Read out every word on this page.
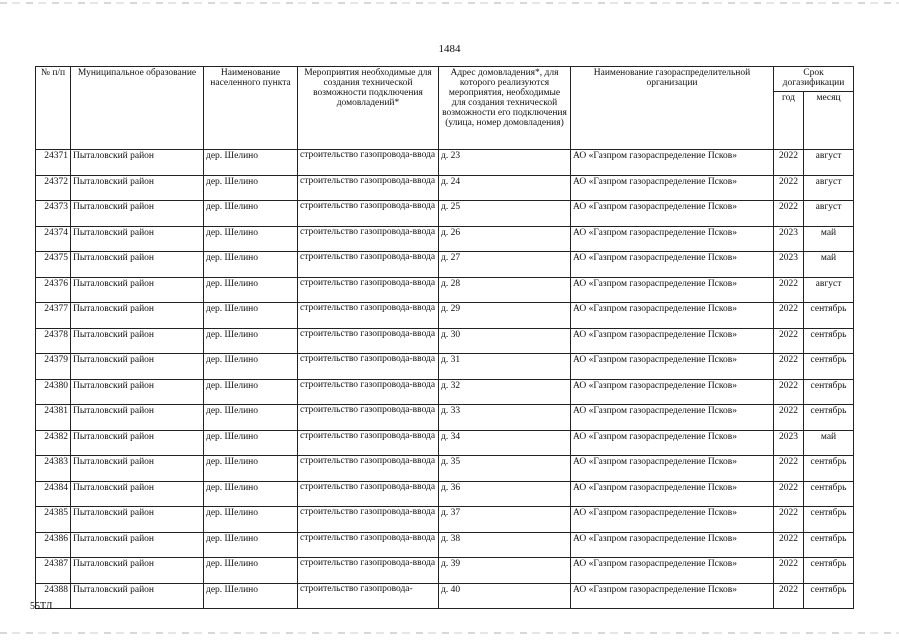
1484
№ п/п	Муниципальное образование	Наименование населенного пункта	Мероприятия необходимые для создания технической возможности подключения домовладений*	Адрес домовладения*, для которого реализуются мероприятия, необходимые для создания технической возможности его подключения (улица, номер домовладения)	Наименование газораспределительной организации	Срок догазификации	
						год	месяц
24371	Пыталовский район	дер. Шелино	строительство газопровода-ввода	д. 23	АО «Газпром газораспределение Псков»	2022	август
24372	Пыталовский район	дер. Шелино	строительство газопровода-ввода	д. 24	АО «Газпром газораспределение Псков»	2022	август
24373	Пыталовский район	дер. Шелино	строительство газопровода-ввода	д. 25	АО «Газпром газораспределение Псков»	2022	август
24374	Пыталовский район	дер. Шелино	строительство газопровода-ввода	д. 26	АО «Газпром газораспределение Псков»	2023	май
24375	Пыталовский район	дер. Шелино	строительство газопровода-ввода	д. 27	АО «Газпром газораспределение Псков»	2023	май
24376	Пыталовский район	дер. Шелино	строительство газопровода-ввода	д. 28	АО «Газпром газораспределение Псков»	2022	август
24377	Пыталовский район	дер. Шелино	строительство газопровода-ввода	д. 29	АО «Газпром газораспределение Псков»	2022	сентябрь
24378	Пыталовский район	дер. Шелино	строительство газопровода-ввода	д. 30	АО «Газпром газораспределение Псков»	2022	сентябрь
24379	Пыталовский район	дер. Шелино	строительство газопровода-ввода	д. 31	АО «Газпром газораспределение Псков»	2022	сентябрь
24380	Пыталовский район	дер. Шелино	строительство газопровода-ввода	д. 32	АО «Газпром газораспределение Псков»	2022	сентябрь
24381	Пыталовский район	дер. Шелино	строительство газопровода-ввода	д. 33	АО «Газпром газораспределение Псков»	2022	сентябрь
24382	Пыталовский район	дер. Шелино	строительство газопровода-ввода	д. 34	АО «Газпром газораспределение Псков»	2023	май
24383	Пыталовский район	дер. Шелино	строительство газопровода-ввода	д. 35	АО «Газпром газораспределение Псков»	2022	сентябрь
24384	Пыталовский район	дер. Шелино	строительство газопровода-ввода	д. 36	АО «Газпром газораспределение Псков»	2022	сентябрь
24385	Пыталовский район	дер. Шелино	строительство газопровода-ввода	д. 37	АО «Газпром газораспределение Псков»	2022	сентябрь
24386	Пыталовский район	дер. Шелино	строительство газопровода-ввода	д. 38	АО «Газпром газораспределение Псков»	2022	сентябрь
24387	Пыталовский район	дер. Шелино	строительство газопровода-ввода	д. 39	АО «Газпром газораспределение Псков»	2022	сентябрь
24388	Пыталовский район	дер. Шелино	строительство газопровода-	д. 40	АО «Газпром газораспределение Псков»	2022	сентябрь
55ТЛ
